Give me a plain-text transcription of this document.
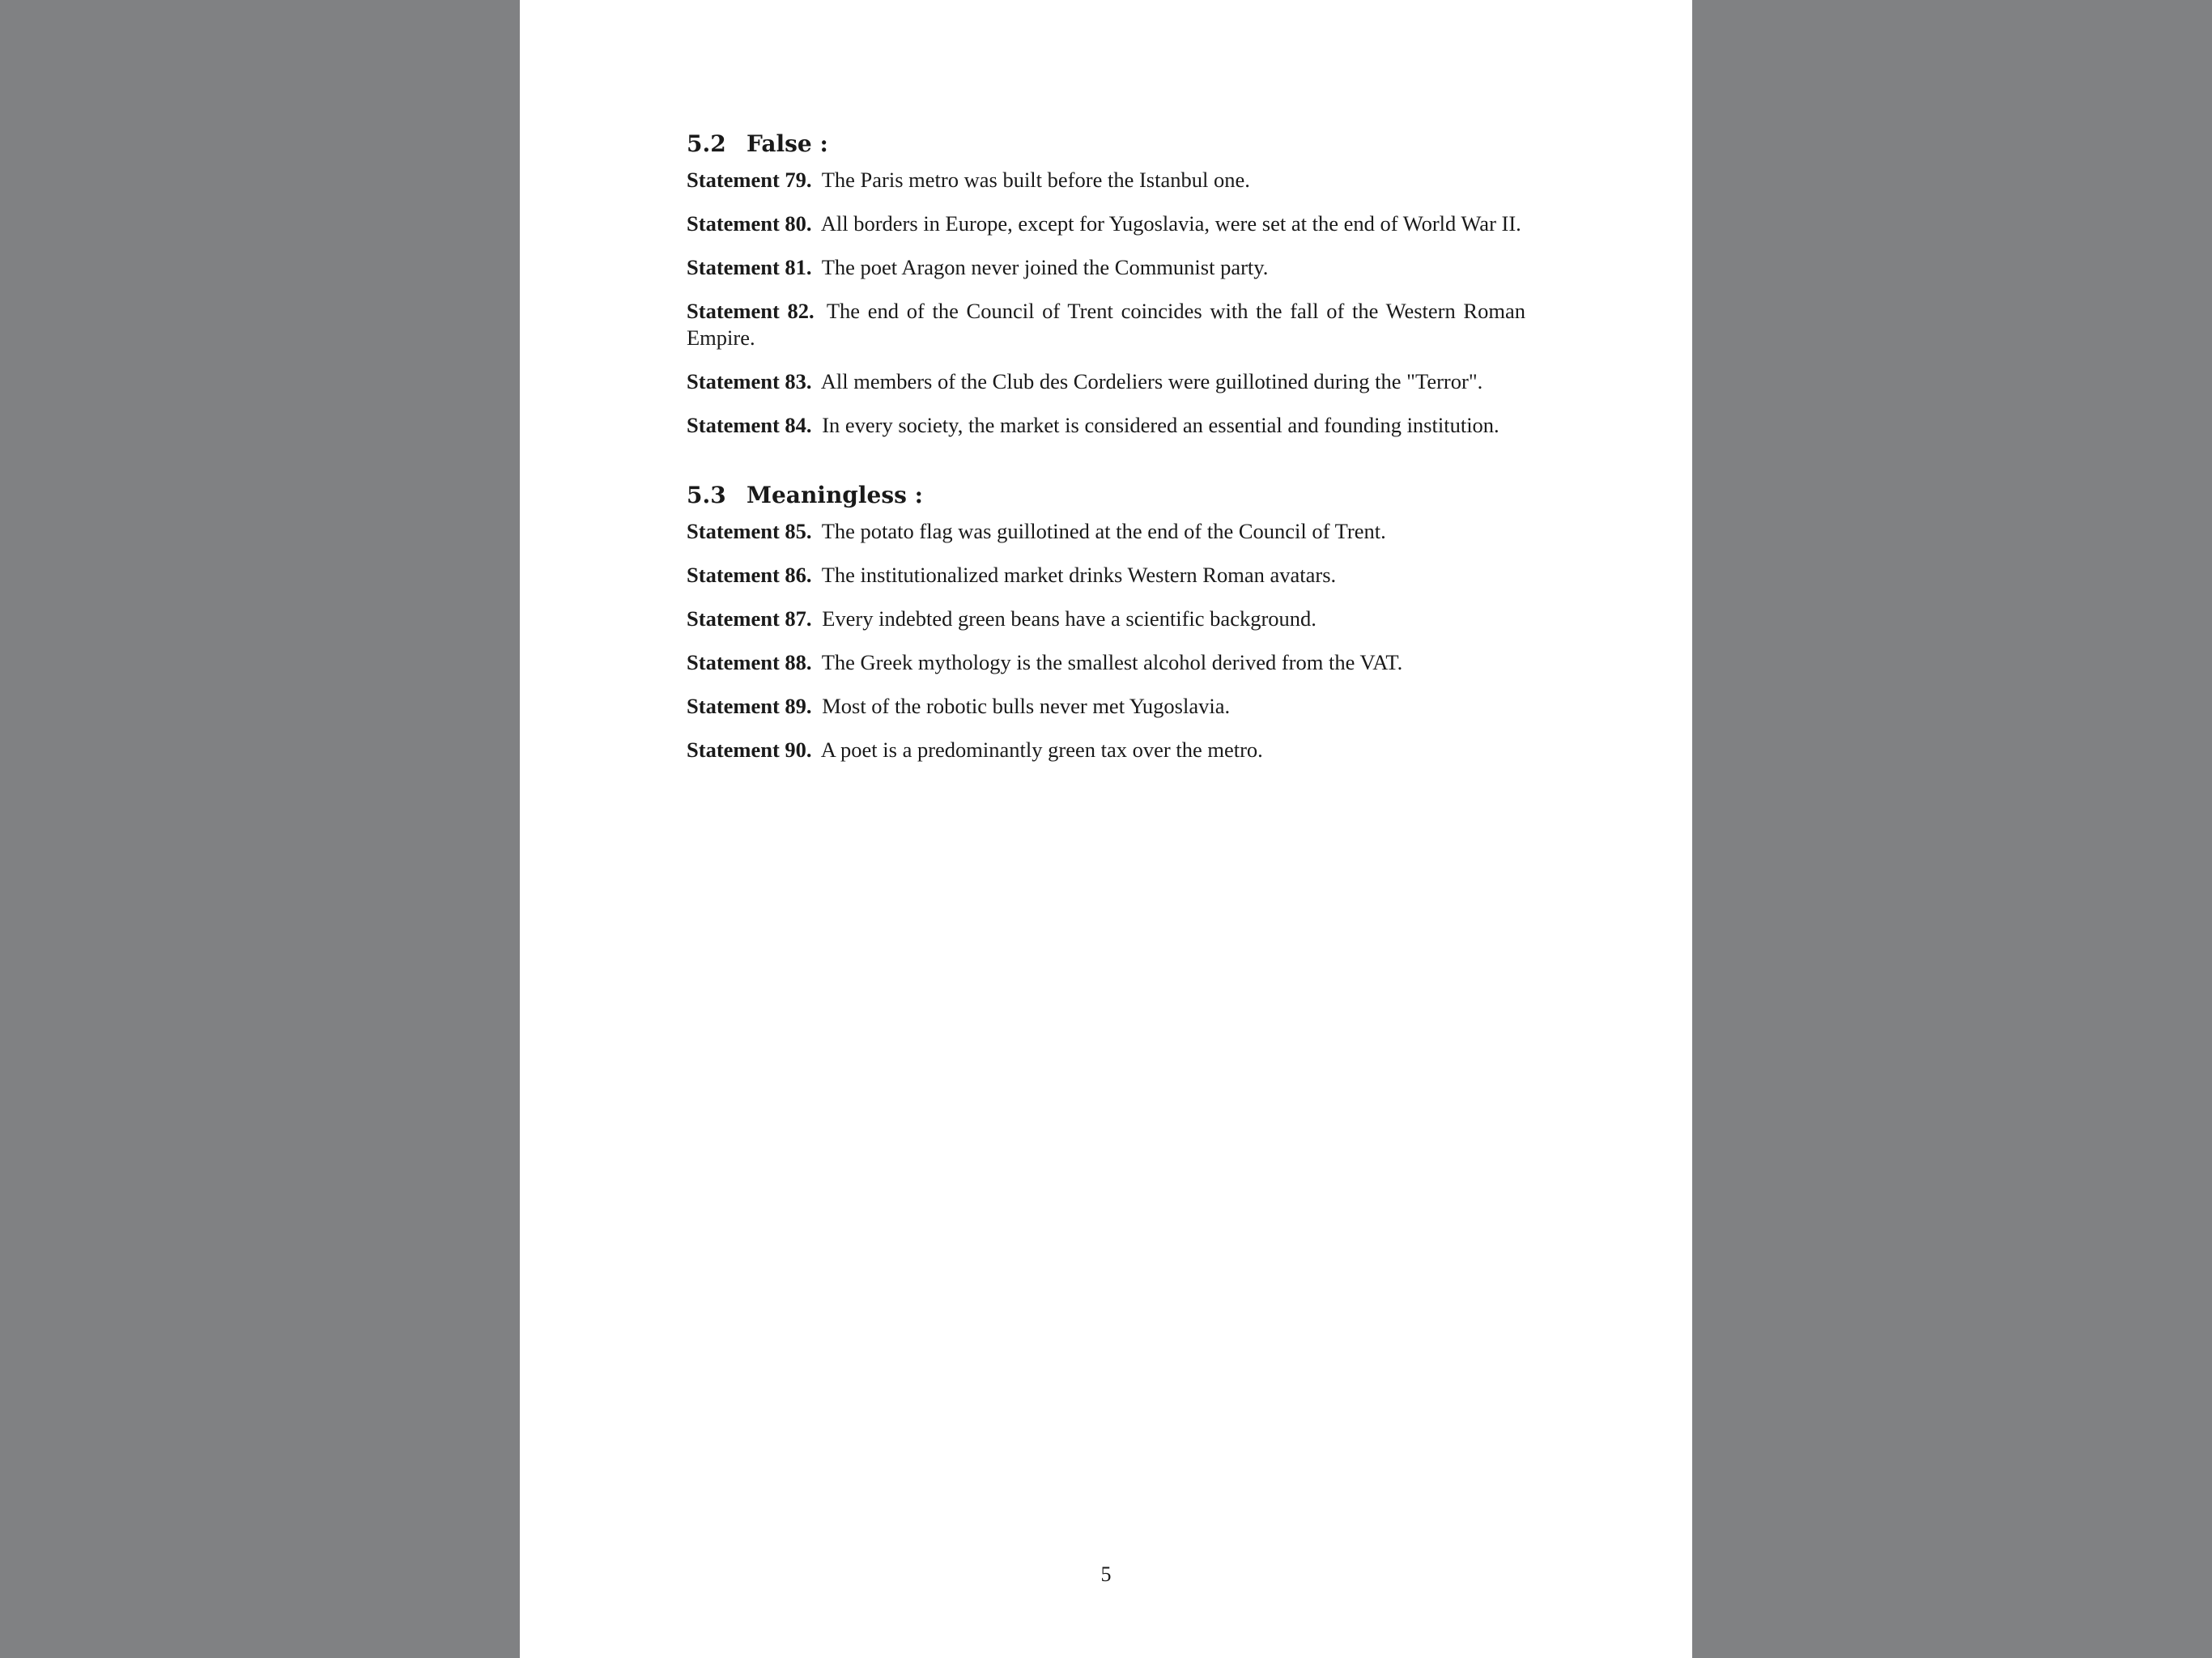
5.2 False :

Statement 79. The Paris metro was built before the Istanbul one.

Statement 80. All borders in Europe, except for Yugoslavia, were set at the end of World War II.

Statement 81. The poet Aragon never joined the Communist party.

Statement 82. The end of the Council of Trent coincides with the fall of the Western Roman Empire.

Statement 83. All members of the Club des Cordeliers were guillotined during the "Terror".

Statement 84. In every society, the market is considered an essential and founding institution.

5.3 Meaningless :

Statement 85. The potato flag was guillotined at the end of the Council of Trent.

Statement 86. The institutionalized market drinks Western Roman avatars.

Statement 87. Every indebted green beans have a scientific background.

Statement 88. The Greek mythology is the smallest alcohol derived from the VAT.

Statement 89. Most of the robotic bulls never met Yugoslavia.

Statement 90. A poet is a predominantly green tax over the metro.

5
